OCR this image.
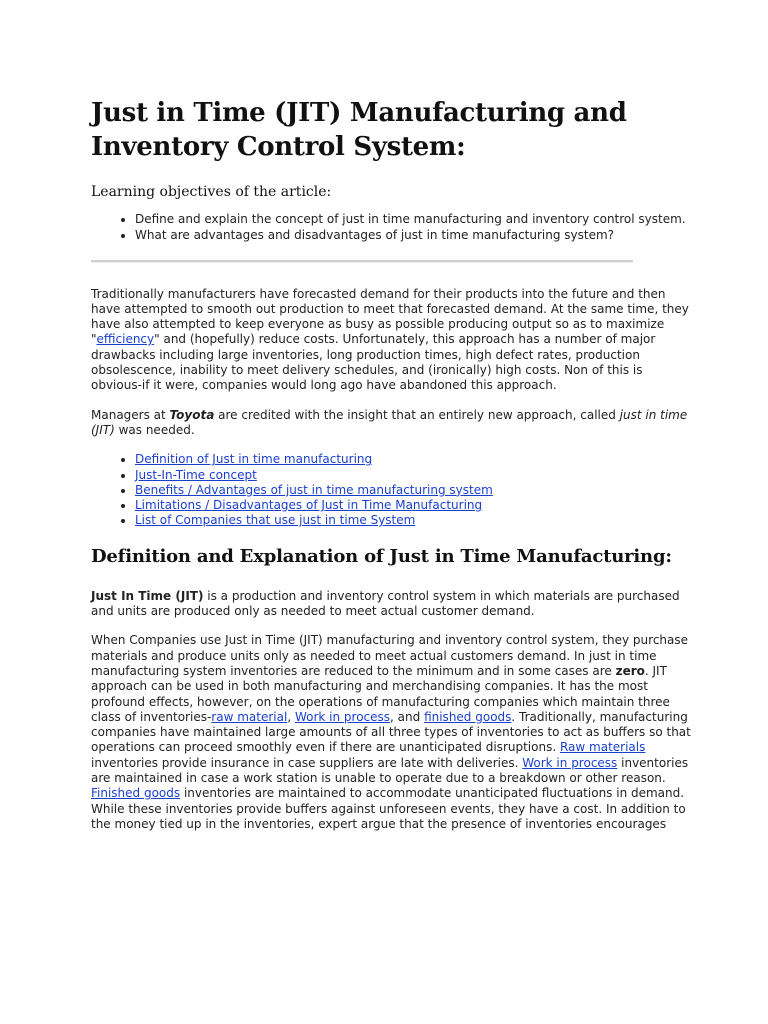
Just in Time (JIT) Manufacturing and Inventory Control System:
Learning objectives of the article:
• Define and explain the concept of just in time manufacturing and inventory control system.
• What are advantages and disadvantages of just in time manufacturing system?

Traditionally manufacturers have forecasted demand for their products into the future and then have attempted to smooth out production to meet that forecasted demand. At the same time, they have also attempted to keep everyone as busy as possible producing output so as to maximize "efficiency" and (hopefully) reduce costs. Unfortunately, this approach has a number of major drawbacks including large inventories, long production times, high defect rates, production obsolescence, inability to meet delivery schedules, and (ironically) high costs. Non of this is obvious-if it were, companies would long ago have abandoned this approach.

Managers at Toyota are credited with the insight that an entirely new approach, called just in time (JIT) was needed.

• Definition of Just in time manufacturing
• Just-In-Time concept
• Benefits / Advantages of just in time manufacturing system
• Limitations / Disadvantages of Just in Time Manufacturing
• List of Companies that use just in time System
Definition and Explanation of Just in Time Manufacturing:

Just In Time (JIT) is a production and inventory control system in which materials are purchased and units are produced only as needed to meet actual customer demand.

When Companies use Just in Time (JIT) manufacturing and inventory control system, they purchase materials and produce units only as needed to meet actual customers demand. In just in time manufacturing system inventories are reduced to the minimum and in some cases are zero. JIT approach can be used in both manufacturing and merchandising companies. It has the most profound effects, however, on the operations of manufacturing companies which maintain three class of inventories-raw material, Work in process, and finished goods. Traditionally, manufacturing companies have maintained large amounts of all three types of inventories to act as buffers so that operations can proceed smoothly even if there are unanticipated disruptions. Raw materials inventories provide insurance in case suppliers are late with deliveries. Work in process inventories are maintained in case a work station is unable to operate due to a breakdown or other reason. Finished goods inventories are maintained to accommodate unanticipated fluctuations in demand. While these inventories provide buffers against unforeseen events, they have a cost. In addition to the money tied up in the inventories, expert argue that the presence of inventories encourages
